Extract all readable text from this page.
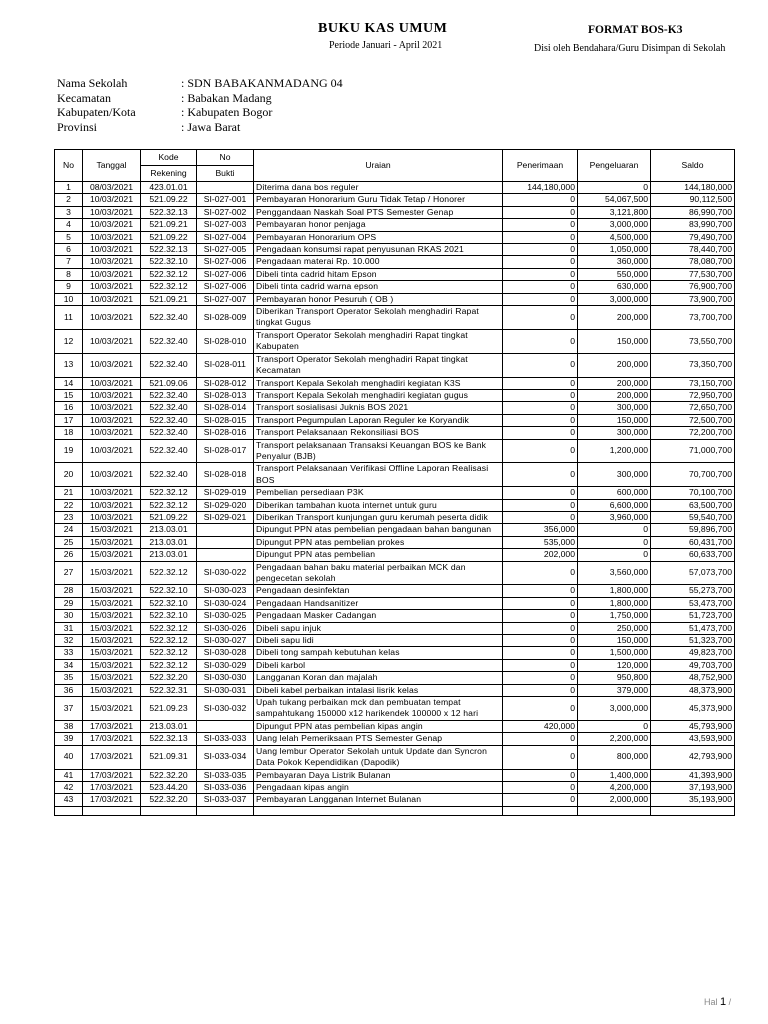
BUKU KAS UMUM
Periode Januari - April 2021
FORMAT BOS-K3
Disi oleh Bendahara/Guru Disimpan di Sekolah
Nama Sekolah	: SDN BABAKANMADANG 04
Kecamatan	: Babakan Madang
Kabupaten/Kota	: Kabupaten Bogor
Provinsi	: Jawa Barat
No	Tanggal	Kode	No	Uraian	Penerimaan	Pengeluaran	Saldo
		Rekening	Bukti				
1	08/03/2021	423.01.01		Diterima dana bos reguler	144,180,000	0	144,180,000
2	10/03/2021	521.09.22	SI-027-001	Pembayaran Honorarium Guru Tidak Tetap / Honorer	0	54,067,500	90,112,500
3	10/03/2021	522.32.13	SI-027-002	Penggandaan Naskah Soal PTS Semester Genap	0	3,121,800	86,990,700
4	10/03/2021	521.09.21	SI-027-003	Pembayaran honor penjaga	0	3,000,000	83,990,700
5	10/03/2021	521.09.22	SI-027-004	Pembayaran Honorarium OPS	0	4,500,000	79,490,700
6	10/03/2021	522.32.13	SI-027-005	Pengadaan konsumsi rapat penyusunan RKAS 2021	0	1,050,000	78,440,700
7	10/03/2021	522.32.10	SI-027-006	Pengadaan materai Rp. 10.000	0	360,000	78,080,700
8	10/03/2021	522.32.12	SI-027-006	Dibeli tinta cadrid hitam Epson	0	550,000	77,530,700
9	10/03/2021	522.32.12	SI-027-006	Dibeli tinta cadrid warna epson	0	630,000	76,900,700
10	10/03/2021	521.09.21	SI-027-007	Pembayaran honor Pesuruh ( OB )	0	3,000,000	73,900,700
11	10/03/2021	522.32.40	SI-028-009	Diberikan Transport Operator Sekolah menghadiri Rapat tingkat Gugus	0	200,000	73,700,700
12	10/03/2021	522.32.40	SI-028-010	Transport Operator Sekolah menghadiri Rapat tingkat Kabupaten	0	150,000	73,550,700
13	10/03/2021	522.32.40	SI-028-011	Transport Operator Sekolah menghadiri Rapat tingkat Kecamatan	0	200,000	73,350,700
14	10/03/2021	521.09.06	SI-028-012	Transport Kepala Sekolah menghadiri kegiatan K3S	0	200,000	73,150,700
15	10/03/2021	522.32.40	SI-028-013	Transport Kepala Sekolah menghadiri kegiatan gugus	0	200,000	72,950,700
16	10/03/2021	522.32.40	SI-028-014	Transport sosialisasi Juknis BOS 2021	0	300,000	72,650,700
17	10/03/2021	522.32.40	SI-028-015	Transport Pegumpulan Laporan Reguler ke Koryandik	0	150,000	72,500,700
18	10/03/2021	522.32.40	SI-028-016	Transport Pelaksanaan Rekonsiliasi BOS	0	300,000	72,200,700
19	10/03/2021	522.32.40	SI-028-017	Transport pelaksanaan Transaksi Keuangan BOS ke Bank Penyalur (BJB)	0	1,200,000	71,000,700
20	10/03/2021	522.32.40	SI-028-018	Transport Pelaksanaan Verifikasi Offline Laporan Realisasi BOS	0	300,000	70,700,700
21	10/03/2021	522.32.12	SI-029-019	Pembelian persediaan P3K	0	600,000	70,100,700
22	10/03/2021	522.32.12	SI-029-020	Diberikan tambahan kuota internet untuk guru	0	6,600,000	63,500,700
23	10/03/2021	521.09.22	SI-029-021	Diberikan Transport kunjungan guru kerumah peserta didik	0	3,960,000	59,540,700
24	15/03/2021	213.03.01		Dipungut PPN atas pembelian pengadaan bahan bangunan	356,000	0	59,896,700
25	15/03/2021	213.03.01		Dipungut PPN atas pembelian prokes	535,000	0	60,431,700
26	15/03/2021	213.03.01		Dipungut PPN atas pembelian	202,000	0	60,633,700
27	15/03/2021	522.32.12	SI-030-022	Pengadaan bahan baku material perbaikan MCK dan pengecetan sekolah	0	3,560,000	57,073,700
28	15/03/2021	522.32.10	SI-030-023	Pengadaan desinfektan	0	1,800,000	55,273,700
29	15/03/2021	522.32.10	SI-030-024	Pengadaan Handsanitizer	0	1,800,000	53,473,700
30	15/03/2021	522.32.10	SI-030-025	Pengadaan Masker Cadangan	0	1,750,000	51,723,700
31	15/03/2021	522.32.12	SI-030-026	Dibeli sapu injuk	0	250,000	51,473,700
32	15/03/2021	522.32.12	SI-030-027	Dibeli sapu lidi	0	150,000	51,323,700
33	15/03/2021	522.32.12	SI-030-028	Dibeli tong sampah kebutuhan kelas	0	1,500,000	49,823,700
34	15/03/2021	522.32.12	SI-030-029	Dibeli karbol	0	120,000	49,703,700
35	15/03/2021	522.32.20	SI-030-030	Langganan Koran dan majalah	0	950,800	48,752,900
36	15/03/2021	522.32.31	SI-030-031	Dibeli kabel perbaikan intalasi lisrik kelas	0	379,000	48,373,900
37	15/03/2021	521.09.23	SI-030-032	Upah tukang perbaikan mck dan pembuatan tempat sampahtukang 150000 x12 harikendek 100000 x 12 hari	0	3,000,000	45,373,900
38	17/03/2021	213.03.01		Dipungut PPN atas pembelian kipas angin	420,000	0	45,793,900
39	17/03/2021	522.32.13	SI-033-033	Uang lelah Pemeriksaan PTS Semester Genap	0	2,200,000	43,593,900
40	17/03/2021	521.09.31	SI-033-034	Uang lembur Operator Sekolah untuk Update dan Syncron Data Pokok Kependidikan (Dapodik)	0	800,000	42,793,900
41	17/03/2021	522.32.20	SI-033-035	Pembayaran Daya Listrik Bulanan	0	1,400,000	41,393,900
42	17/03/2021	523.44.20	SI-033-036	Pengadaan kipas angin	0	4,200,000	37,193,900
43	17/03/2021	522.32.20	SI-033-037	Pembayaran Langganan Internet Bulanan	0	2,000,000	35,193,900

Hal 1 /
